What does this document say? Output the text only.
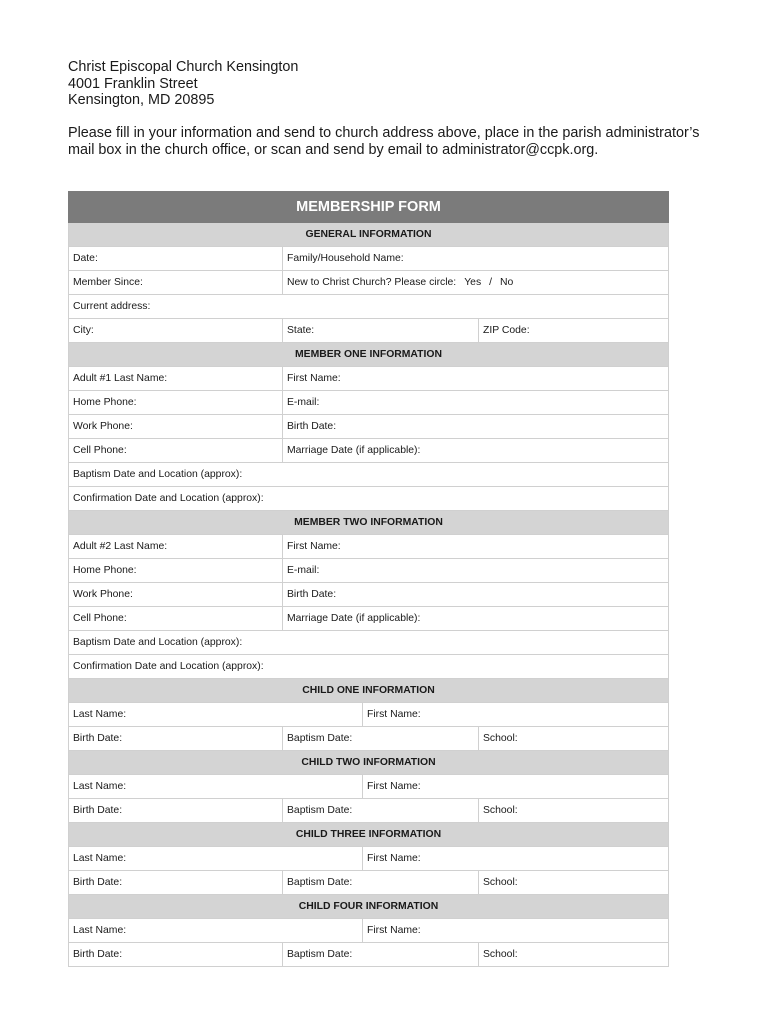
Christ Episcopal Church Kensington
4001 Franklin Street
Kensington, MD 20895
Please fill in your information and send to church address above, place in the parish administrator’s
mail box in the church office, or scan and send by email to administrator@ccpk.org.
MEMBERSHIP FORM			
GENERAL INFORMATION			
Date:	Family/Household Name:		
Member Since:	New to Christ Church? Please circle: Yes / No		
Current address:			
City:	State:		ZIP Code:
MEMBER ONE INFORMATION			
Adult #1 Last Name:	First Name:		
Home Phone:	E-mail:		
Work Phone:	Birth Date:		
Cell Phone:	Marriage Date (if applicable):		
Baptism Date and Location (approx):			
Confirmation Date and Location (approx):			
MEMBER TWO INFORMATION			
Adult #2 Last Name:	First Name:		
Home Phone:	E-mail:		
Work Phone:	Birth Date:		
Cell Phone:	Marriage Date (if applicable):		
Baptism Date and Location (approx):			
Confirmation Date and Location (approx):			
CHILD ONE INFORMATION			
Last Name:		First Name:	
Birth Date:	Baptism Date:		School:
CHILD TWO INFORMATION			
Last Name:		First Name:	
Birth Date:	Baptism Date:		School:
CHILD THREE INFORMATION			
Last Name:		First Name:	
Birth Date:	Baptism Date:		School:
CHILD FOUR INFORMATION			
Last Name:		First Name:	
Birth Date:	Baptism Date:		School:
